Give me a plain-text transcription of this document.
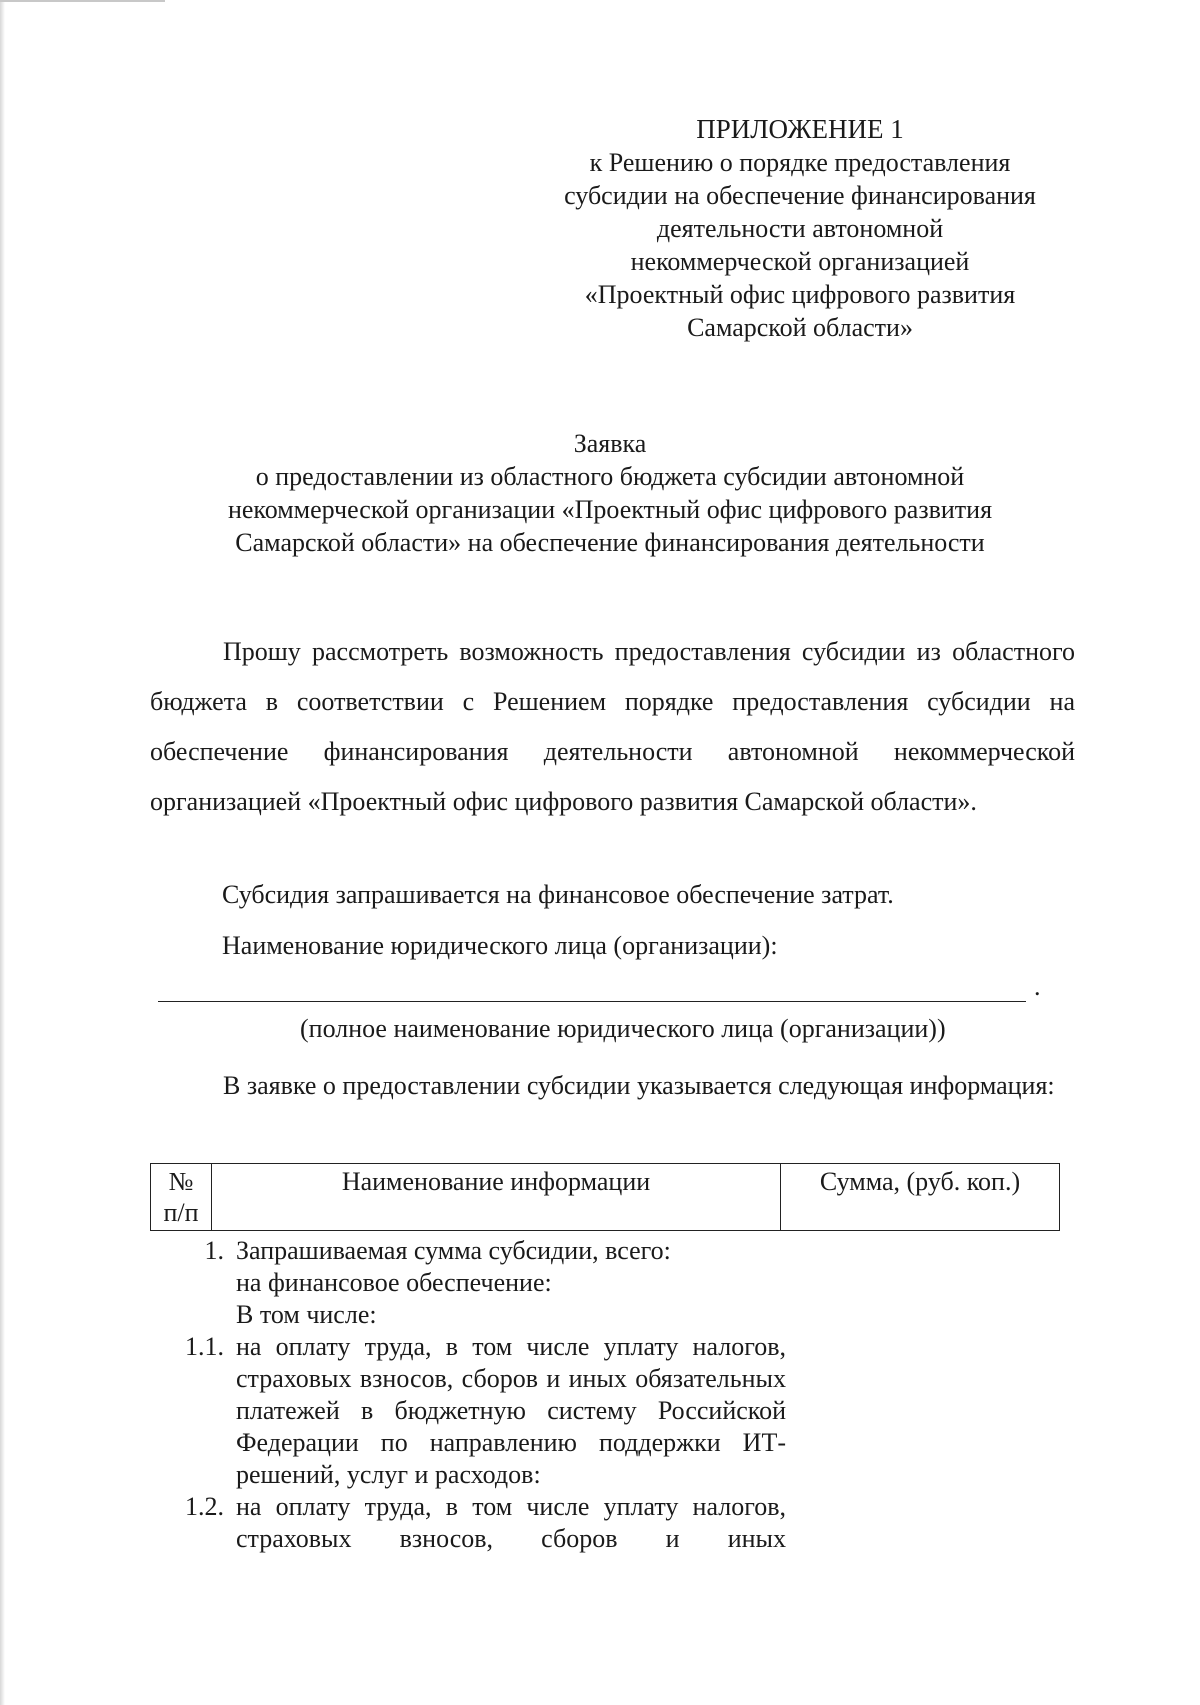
ПРИЛОЖЕНИЕ 1
к Решению о порядке предоставления
субсидии на обеспечение финансирования
деятельности автономной
некоммерческой организацией
«Проектный офис цифрового развития
Самарской области»
Заявка
о предоставлении из областного бюджета субсидии автономной
некоммерческой организации «Проектный офис цифрового развития
Самарской области» на обеспечение финансирования деятельности
Прошу рассмотреть возможность предоставления субсидии из областного бюджета в соответствии с Решением порядке предоставления субсидии на обеспечение финансирования деятельности автономной некоммерческой организацией «Проектный офис цифрового развития Самарской области».
Субсидия запрашивается на финансовое обеспечение затрат.
Наименование юридического лица (организации):
.
(полное наименование юридического лица (организации))
В заявке о предоставлении субсидии указывается следующая информация:
№ п/п	Наименование информации	Сумма, (руб. коп.)
1. Запрашиваемая сумма субсидии, всего:
на финансовое обеспечение:
В том числе:
1.1. на оплату труда, в том числе уплату налогов, страховых взносов, сборов и иных обязательных платежей в бюджетную систему Российской Федерации по направлению поддержки ИТ-решений, услуг и расходов:
1.2. на оплату труда, в том числе уплату налогов, страховых взносов, сборов и иных
